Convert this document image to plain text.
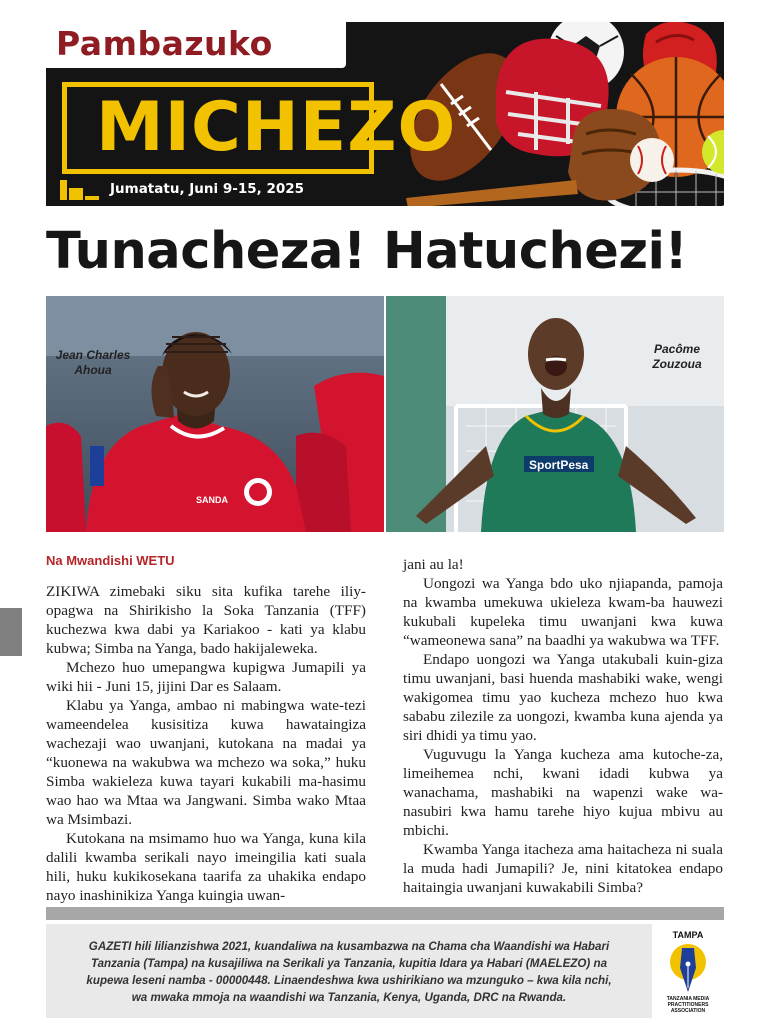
Pambazuko
MICHEZO
Jumatatu, Juni 9-15, 2025
Tunacheza! Hatuchezi!
SANDA
Jean Charles
Ahoua
SportPesa
Pacôme
Zouzoua

Na Mwandishi WETU

ZIKIWA zimebaki siku sita kufika tarehe iliy-opagwa na Shirikisho la Soka Tanzania (TFF) kuchezwa kwa dabi ya Kariakoo - kati ya klabu kubwa; Simba na Yanga, bado hakijaleweka.

Mchezo huo umepangwa kupigwa Jumapili ya wiki hii - Juni 15, jijini Dar es Salaam.

Klabu ya Yanga, ambao ni mabingwa wate-tezi wameendelea kusisitiza kuwa hawataingiza wachezaji wao uwanjani, kutokana na madai ya “kuonewa na wakubwa wa mchezo wa soka,” huku Simba wakieleza kuwa tayari kukabili ma-hasimu wao hao wa Mtaa wa Jangwani. Simba wako Mtaa wa Msimbazi.

Kutokana na msimamo huo wa Yanga, kuna kila dalili kwamba serikali nayo imeingilia kati suala hili, huku kukikosekana taarifa za uhakika endapo nayo inashinikiza Yanga kuingia uwan-

jani au la!

Uongozi wa Yanga bdo uko njiapanda, pamoja na kwamba umekuwa ukieleza kwam-ba hauwezi kukubali kupeleka timu uwanjani kwa kuwa “wameonewa sana” na baadhi ya wakubwa wa TFF.

Endapo uongozi wa Yanga utakubali kuin-giza timu uwanjani, basi huenda mashabiki wake, wengi wakigomea timu yao kucheza mchezo huo kwa sababu zilezile za uongozi, kwamba kuna ajenda ya siri dhidi ya timu yao.

Vuguvugu la Yanga kucheza ama kutoche-za, limeihemea nchi, kwani idadi kubwa ya wanachama, mashabiki na wapenzi wake wa-nasubiri kwa hamu tarehe hiyo kujua mbivu au mbichi.

Kwamba Yanga itacheza ama haitacheza ni suala la muda hadi Jumapili? Je, nini kitatokea endapo haitaingia uwanjani kuwakabili Simba?

GAZETI hili lilianzishwa 2021, kuandaliwa na kusambazwa na Chama cha Waandishi wa Habari
Tanzania (Tampa) na kusajiliwa na Serikali ya Tanzania, kupitia Idara ya Habari (MAELEZO) na
kupewa leseni namba - 00000448. Linaendeshwa kwa ushirikiano wa mzunguko – kwa kila nchi,
wa mwaka mmoja na waandishi wa Tanzania, Kenya, Uganda, DRC na Rwanda.
TAMPA
TANZANIA MEDIA
PRACTITIONERS
ASSOCIATION
